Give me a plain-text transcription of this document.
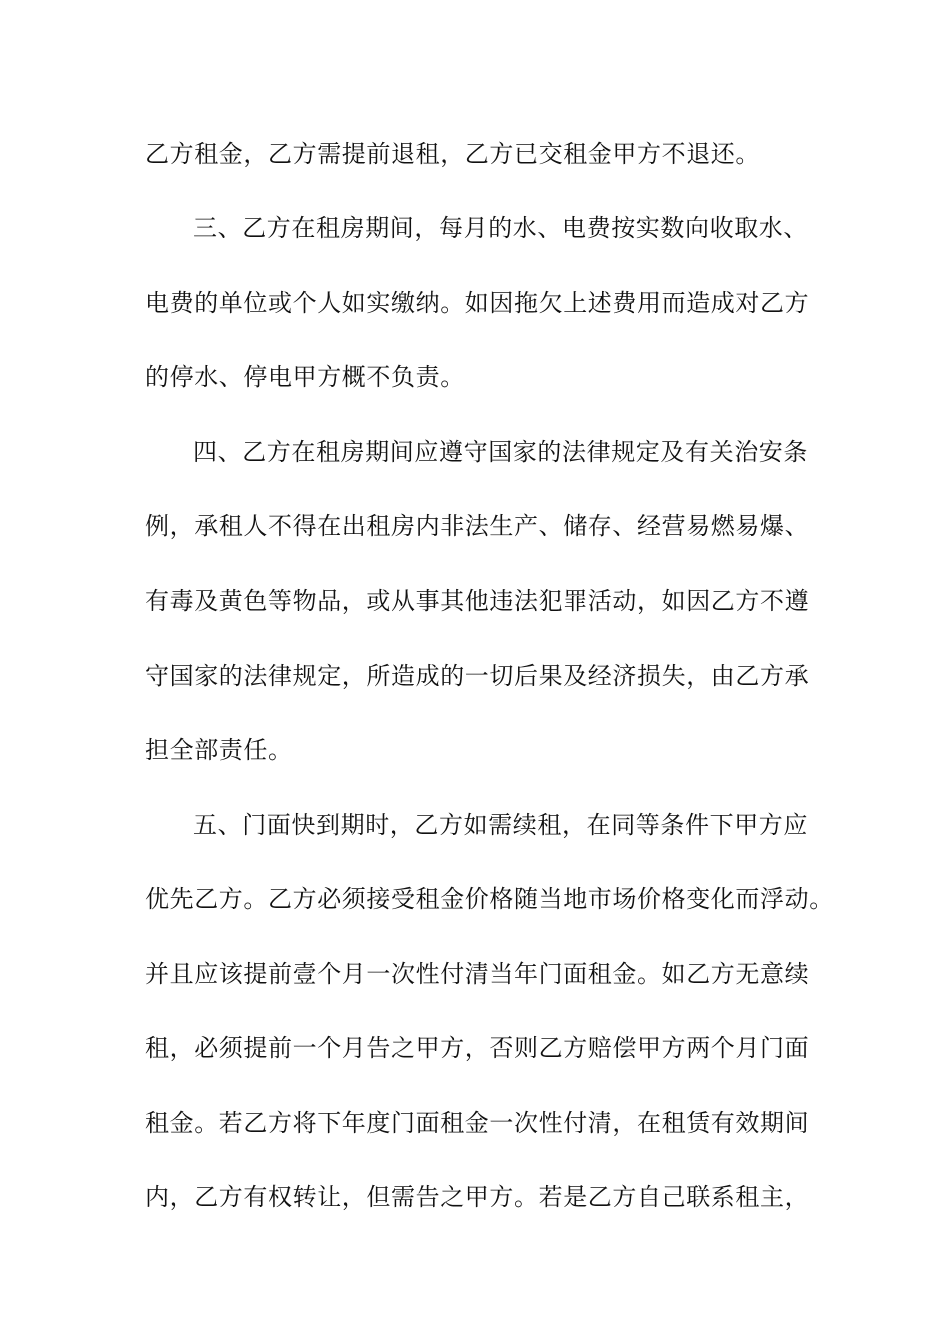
乙方租金，乙方需提前退租，乙方已交租金甲方不退还。
三、乙方在租房期间，每月的水、电费按实数向收取水、
电费的单位或个人如实缴纳。如因拖欠上述费用而造成对乙方
的停水、停电甲方概不负责。
四、乙方在租房期间应遵守国家的法律规定及有关治安条
例，承租人不得在出租房内非法生产、储存、经营易燃易爆、
有毒及黄色等物品，或从事其他违法犯罪活动，如因乙方不遵
守国家的法律规定，所造成的一切后果及经济损失，由乙方承
担全部责任。
五、门面快到期时，乙方如需续租，在同等条件下甲方应
优先乙方。乙方必须接受租金价格随当地市场价格变化而浮动。
并且应该提前壹个月一次性付清当年门面租金。如乙方无意续
租，必须提前一个月告之甲方，否则乙方赔偿甲方两个月门面
租金。若乙方将下年度门面租金一次性付清，在租赁有效期间
内，乙方有权转让，但需告之甲方。若是乙方自己联系租主，
